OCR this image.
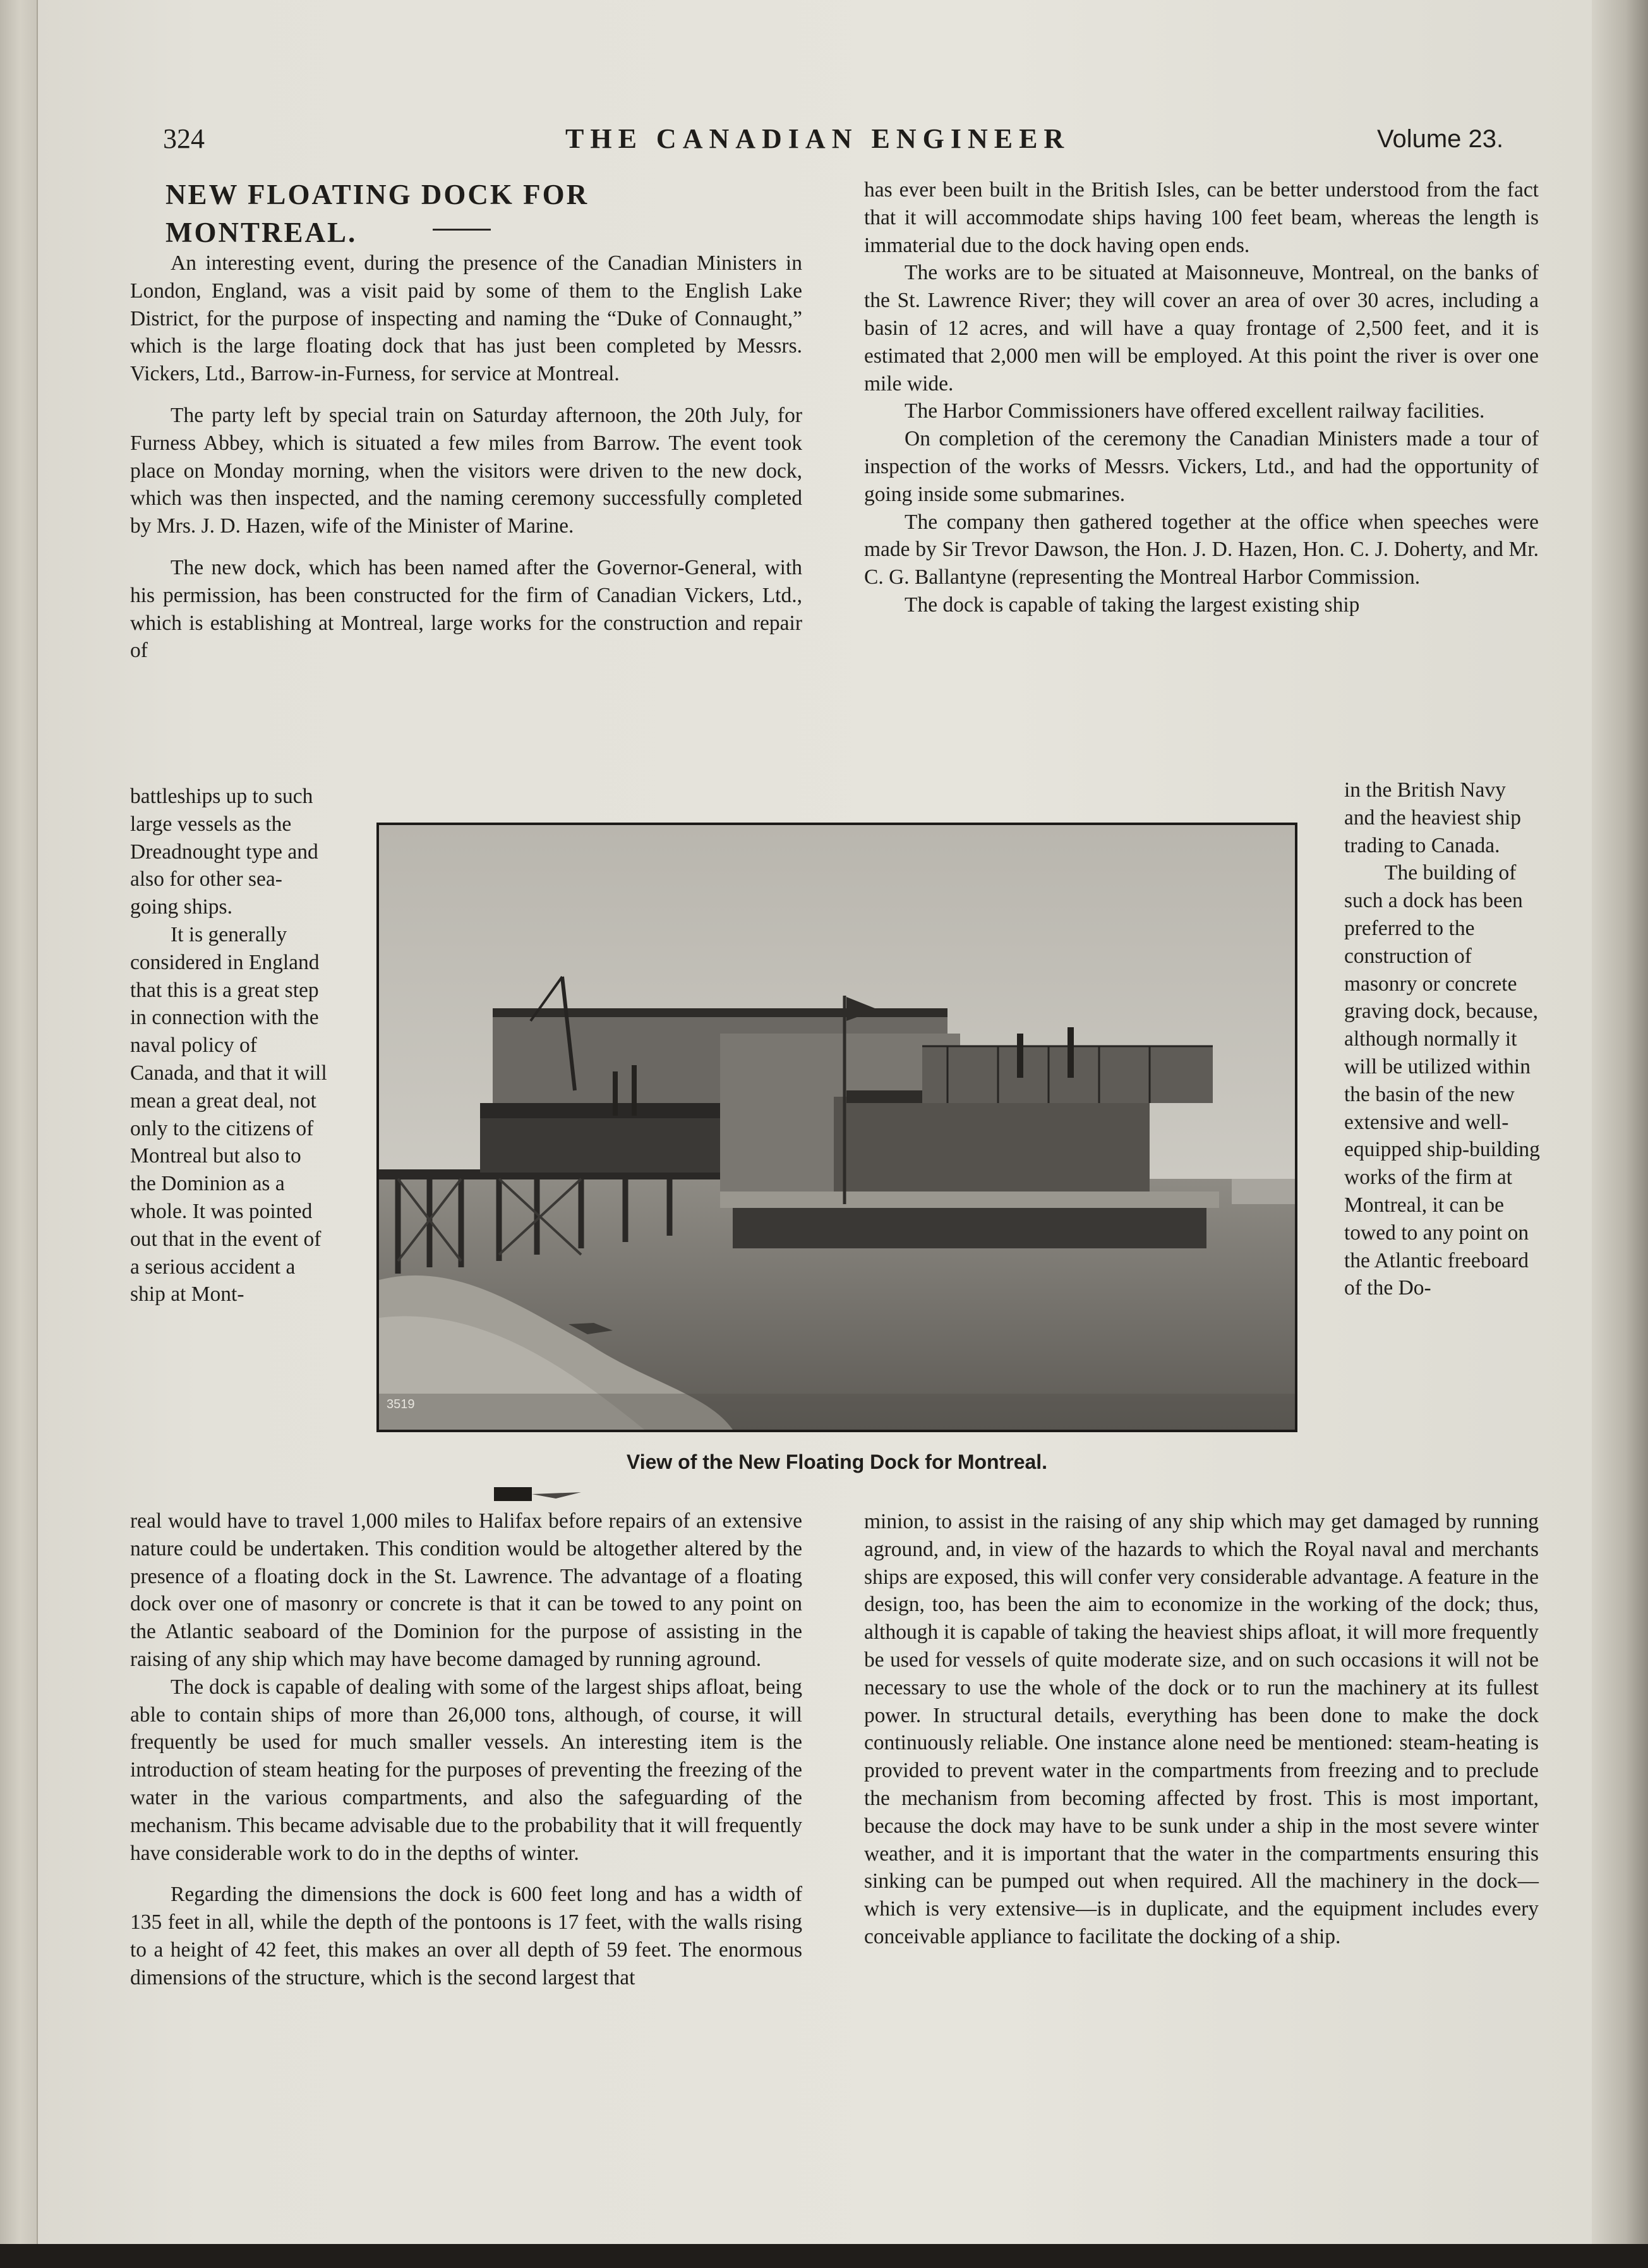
324	THE CANADIAN ENGINEER	Volume 23.
NEW FLOATING DOCK FOR MONTREAL.

An interesting event, during the presence of the Canadian Ministers in London, England, was a visit paid by some of them to the English Lake District, for the purpose of inspecting and naming the “Duke of Connaught,” which is the large floating dock that has just been completed by Messrs. Vickers, Ltd., Barrow-in-Furness, for service at Montreal.

The party left by special train on Saturday afternoon, the 20th July, for Furness Abbey, which is situated a few miles from Barrow. The event took place on Monday morning, when the visitors were driven to the new dock, which was then inspected, and the naming ceremony successfully completed by Mrs. J. D. Hazen, wife of the Minister of Marine.

The new dock, which has been named after the Governor-General, with his permission, has been constructed for the firm of Canadian Vickers, Ltd., which is establishing at Montreal, large works for the construction and repair of

battleships up to such large vessels as the Dreadnought type and also for other sea-going ships.

It is generally considered in England that this is a great step in connection with the naval policy of Canada, and that it will mean a great deal, not only to the citizens of Montreal but also to the Dominion as a whole. It was pointed out that in the event of a serious accident a ship at Mont-

real would have to travel 1,000 miles to Halifax before repairs of an extensive nature could be undertaken. This condition would be altogether altered by the presence of a floating dock in the St. Lawrence. The advantage of a floating dock over one of masonry or concrete is that it can be towed to any point on the Atlantic seaboard of the Dominion for the purpose of assisting in the raising of any ship which may have become damaged by running aground.

The dock is capable of dealing with some of the largest ships afloat, being able to contain ships of more than 26,000 tons, although, of course, it will frequently be used for much smaller vessels. An interesting item is the introduction of steam heating for the purposes of preventing the freezing of the water in the various compartments, and also the safeguarding of the mechanism. This became advisable due to the probability that it will frequently have considerable work to do in the depths of winter.

Regarding the dimensions the dock is 600 feet long and has a width of 135 feet in all, while the depth of the pontoons is 17 feet, with the walls rising to a height of 42 feet, this makes an over all depth of 59 feet. The enormous dimensions of the structure, which is the second largest that

has ever been built in the British Isles, can be better understood from the fact that it will accommodate ships having 100 feet beam, whereas the length is immaterial due to the dock having open ends.

The works are to be situated at Maisonneuve, Montreal, on the banks of the St. Lawrence River; they will cover an area of over 30 acres, including a basin of 12 acres, and will have a quay frontage of 2,500 feet, and it is estimated that 2,000 men will be employed. At this point the river is over one mile wide.

The Harbor Commissioners have offered excellent railway facilities.

On completion of the ceremony the Canadian Ministers made a tour of inspection of the works of Messrs. Vickers, Ltd., and had the opportunity of going inside some submarines.

The company then gathered together at the office when speeches were made by Sir Trevor Dawson, the Hon. J. D. Hazen, Hon. C. J. Doherty, and Mr. C. G. Ballantyne (representing the Montreal Harbor Commission.

The dock is capable of taking the largest existing ship

in the British Navy and the heaviest ship trading to Canada.

The building of such a dock has been preferred to the construction of masonry or concrete graving dock, because, although normally it will be utilized within the basin of the new extensive and well-equipped ship-building works of the firm at Montreal, it can be towed to any point on the Atlantic freeboard of the Do-

minion, to assist in the raising of any ship which may get damaged by running aground, and, in view of the hazards to which the Royal naval and merchants ships are exposed, this will confer very considerable advantage. A feature in the design, too, has been the aim to economize in the working of the dock; thus, although it is capable of taking the heaviest ships afloat, it will more frequently be used for vessels of quite moderate size, and on such occasions it will not be necessary to use the whole of the dock or to run the machinery at its fullest power. In structural details, everything has been done to make the dock continuously reliable. One instance alone need be mentioned: steam-heating is provided to prevent water in the compartments from freezing and to preclude the mechanism from becoming affected by frost. This is most important, because the dock may have to be sunk under a ship in the most severe winter weather, and it is important that the water in the compartments ensuring this sinking can be pumped out when required. All the machinery in the dock—which is very extensive—is in duplicate, and the equipment includes every conceivable appliance to facilitate the docking of a ship.

3519
View of the New Floating Dock for Montreal.
